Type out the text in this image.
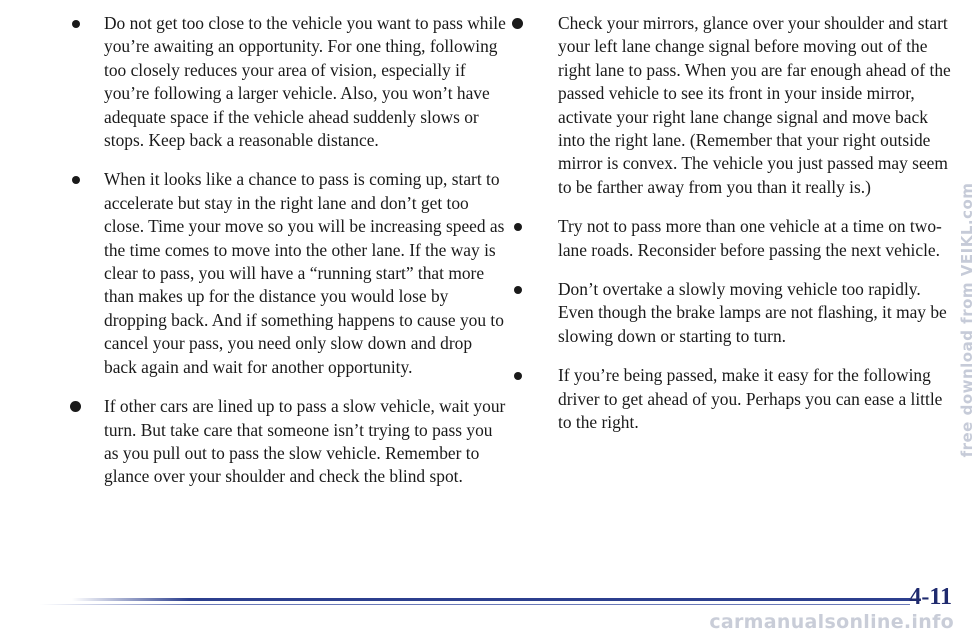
Do not get too close to the vehicle you want to pass while you’re awaiting an opportunity. For one thing, following too closely reduces your area of vision, especially if you’re following a larger vehicle. Also, you won’t have adequate space if the vehicle ahead suddenly slows or stops. Keep back a reasonable distance.
When it looks like a chance to pass is coming up, start to accelerate but stay in the right lane and don’t get too close. Time your move so you will be increasing speed as the time comes to move into the other lane. If the way is clear to pass, you will have a “running start” that more than makes up for the distance you would lose by dropping back. And if something happens to cause you to cancel your pass, you need only slow down and drop back again and wait for another opportunity.
If other cars are lined up to pass a slow vehicle, wait your turn. But take care that someone isn’t trying to pass you as you pull out to pass the slow vehicle. Remember to glance over your shoulder and check the blind spot.
Check your mirrors, glance over your shoulder and start your left lane change signal before moving out of the right lane to pass. When you are far enough ahead of the passed vehicle to see its front in your inside mirror, activate your right lane change signal and move back into the right lane. (Remember that your right outside mirror is convex. The vehicle you just passed may seem to be farther away from you than it really is.)
Try not to pass more than one vehicle at a time on two-lane roads. Reconsider before passing the next vehicle.
Don’t overtake a slowly moving vehicle too rapidly. Even though the brake lamps are not flashing, it may be slowing down or starting to turn.
If you’re being passed, make it easy for the following driver to get ahead of you. Perhaps you can ease a little to the right.
4-11
free download from VEIKL.com
carmanualsonline.info
